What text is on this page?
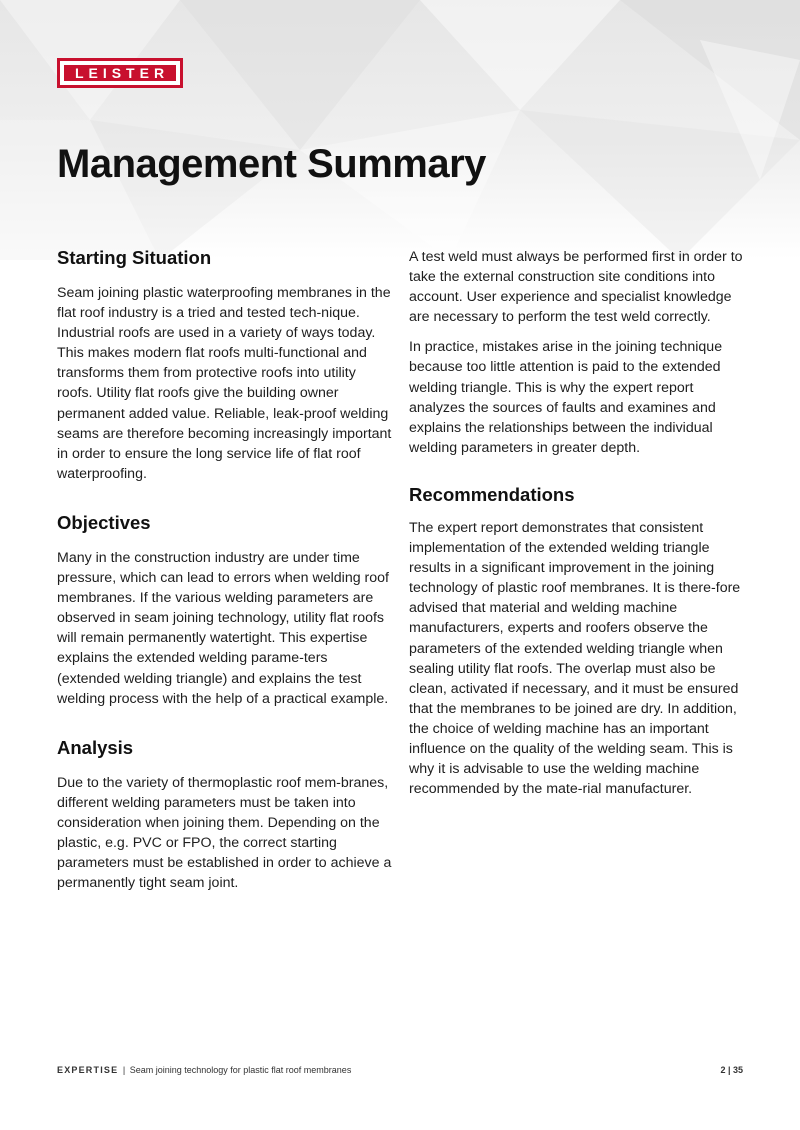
LEISTER
Management Summary
Starting Situation

Seam joining plastic waterproofing membranes in the flat roof industry is a tried and tested tech-nique. Industrial roofs are used in a variety of ways today. This makes modern flat roofs multi-functional and transforms them from protective roofs into utility roofs. Utility flat roofs give the building owner permanent added value. Reliable, leak-proof welding seams are therefore becoming increasingly important in order to ensure the long service life of flat roof waterproofing.

Objectives

Many in the construction industry are under time pressure, which can lead to errors when welding roof membranes. If the various welding parameters are observed in seam joining technology, utility flat roofs will remain permanently watertight. This expertise explains the extended welding parame-ters (extended welding triangle) and explains the test welding process with the help of a practical example.

Analysis

Due to the variety of thermoplastic roof mem-branes, different welding parameters must be taken into consideration when joining them. Depending on the plastic, e.g. PVC or FPO, the correct starting parameters must be established in order to achieve a permanently tight seam joint.

A test weld must always be performed first in order to take the external construction site conditions into account. User experience and specialist knowledge are necessary to perform the test weld correctly.

In practice, mistakes arise in the joining technique because too little attention is paid to the extended welding triangle. This is why the expert report analyzes the sources of faults and examines and explains the relationships between the individual welding parameters in greater depth.

Recommendations

The expert report demonstrates that consistent implementation of the extended welding triangle results in a significant improvement in the joining technology of plastic roof membranes. It is there-fore advised that material and welding machine manufacturers, experts and roofers observe the parameters of the extended welding triangle when sealing utility flat roofs. The overlap must also be clean, activated if necessary, and it must be ensured that the membranes to be joined are dry. In addition, the choice of welding machine has an important influence on the quality of the welding seam. This is why it is advisable to use the welding machine recommended by the mate-rial manufacturer.

EXPERTISE | Seam joining technology for plastic flat roof membranes	2 | 35
